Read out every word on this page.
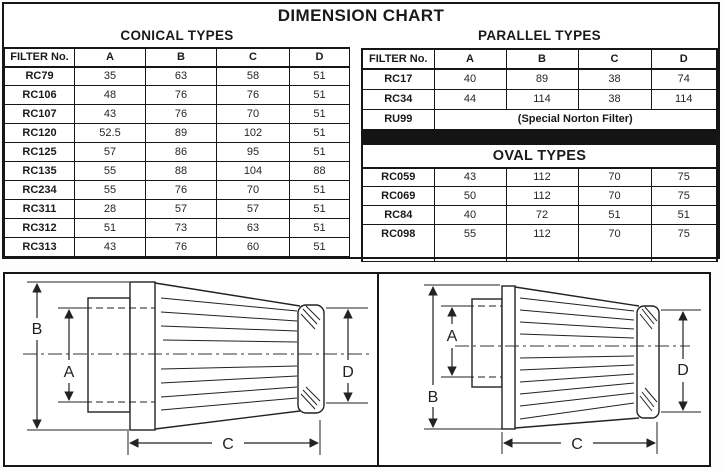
DIMENSION CHART
CONICAL TYPES
FILTER No.	A	B	C	D
RC79	35	63	58	51
RC106	48	76	76	51
RC107	43	76	70	51
RC120	52.5	89	102	51
RC125	57	86	95	51
RC135	55	88	104	88
RC234	55	76	70	51
RC311	28	57	57	51
RC312	51	73	63	51
RC313	43	76	60	51
PARALLEL TYPES
FILTER No.	A	B	C	D
RC17	40	89	38	74
RC34	44	114	38	114
RU99	(Special Norton Filter)			
OVAL TYPES				
RC059	43	112	70	75
RC069	50	112	70	75
RC84	40	72	51	51
RC098	55	112	70	75
B
A	D
C
A
B
D
C
